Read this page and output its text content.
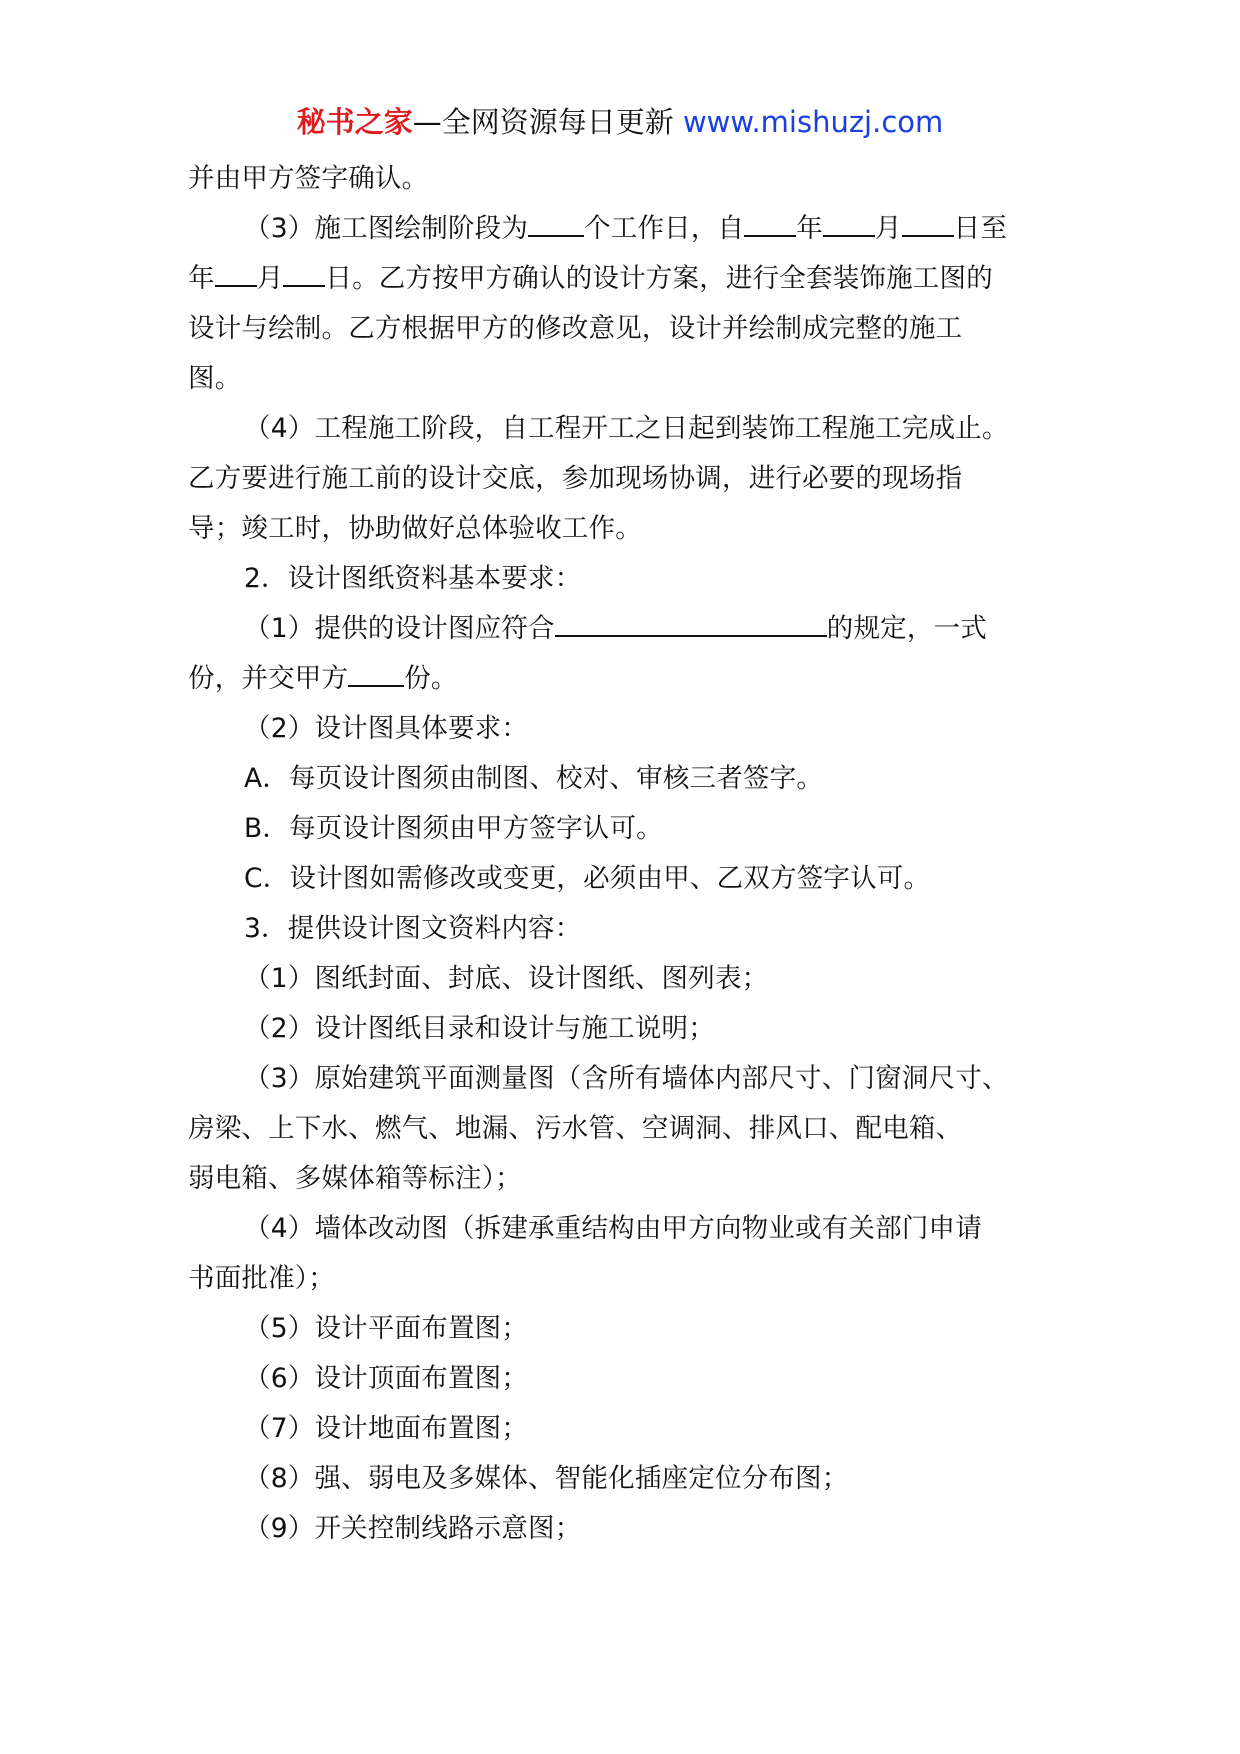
秘书之家—全网资源每日更新 www.mishuzj.com
并由甲方签字确认。
（3）施工图绘制阶段为 个工作日，自 年 月 日至
年 月 日。乙方按甲方确认的设计方案，进行全套装饰施工图的
设计与绘制。乙方根据甲方的修改意见，设计并绘制成完整的施工
图。
（4）工程施工阶段，自工程开工之日起到装饰工程施工完成止。
乙方要进行施工前的设计交底，参加现场协调，进行必要的现场指
导；竣工时，协助做好总体验收工作。
2．设计图纸资料基本要求：
（1）提供的设计图应符合	的规定，一式
份，并交甲方 份。
（2）设计图具体要求：
A．每页设计图须由制图、校对、审核三者签字。
B．每页设计图须由甲方签字认可。
C．设计图如需修改或变更，必须由甲、乙双方签字认可。
3．提供设计图文资料内容：
（1）图纸封面、封底、设计图纸、图列表；
（2）设计图纸目录和设计与施工说明；
（3）原始建筑平面测量图（含所有墙体内部尺寸、门窗洞尺寸、
房梁、上下水、燃气、地漏、污水管、空调洞、排风口、配电箱、
弱电箱、多媒体箱等标注）；
（4）墙体改动图（拆建承重结构由甲方向物业或有关部门申请
书面批准）；
（5）设计平面布置图；
（6）设计顶面布置图；
（7）设计地面布置图；
（8）强、弱电及多媒体、智能化插座定位分布图；
（9）开关控制线路示意图；
